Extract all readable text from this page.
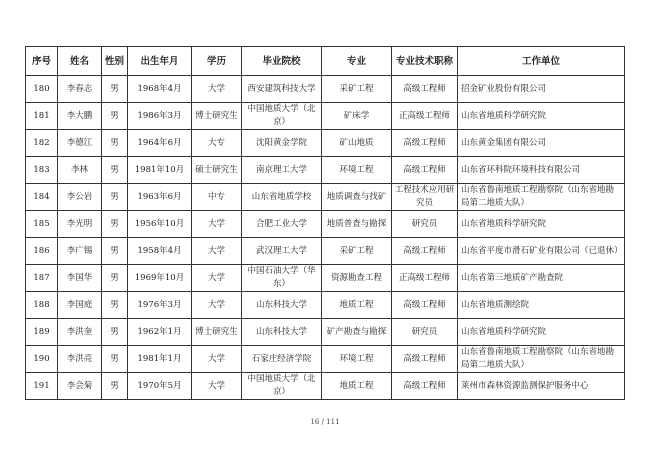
序号	姓名	性别	出生年月	学历	毕业院校	专业	专业技术职称	工作单位
180	李春志	男	1968年4月	大学	西安建筑科技大学	采矿工程	高级工程师	招金矿业股份有限公司
181	李大鹏	男	1986年3月	博士研究生	中国地质大学（北京）	矿床学	正高级工程师	山东省地质科学研究院
182	李德江	男	1964年6月	大专	沈阳黄金学院	矿山地质	高级工程师	山东黄金集团有限公司
183	李林	男	1981年10月	硕士研究生	南京理工大学	环境工程	高级工程师	山东省环科院环境科技有限公司
184	李公岩	男	1963年6月	中专	山东省地质学校	地质调查与找矿	工程技术应用研究员	山东省鲁南地质工程勘察院（山东省地勘局第二地质大队）
185	李光明	男	1956年10月	大学	合肥工业大学	地质普查与勘探	研究员	山东省地质科学研究院
186	李广锡	男	1958年4月	大学	武汉理工大学	采矿工程	高级工程师	山东省平度市滑石矿业有限公司（已退休）
187	李国华	男	1969年10月	大学	中国石油大学（华东）	资源勘查工程	正高级工程师	山东省第三地质矿产勘查院
188	李国庭	男	1976年3月	大学	山东科技大学	地质工程	高级工程师	山东省地质测绘院
189	李洪奎	男	1962年1月	博士研究生	山东科技大学	矿产勘查与勘探	研究员	山东省地质科学研究院
190	李洪亮	男	1981年1月	大学	石家庄经济学院	环境工程	高级工程师	山东省鲁南地质工程勘察院（山东省地勘局第二地质大队）
191	李会菊	男	1970年5月	大学	中国地质大学（北京）	地质工程	高级工程师	莱州市森林资源监测保护服务中心
16 / 111
